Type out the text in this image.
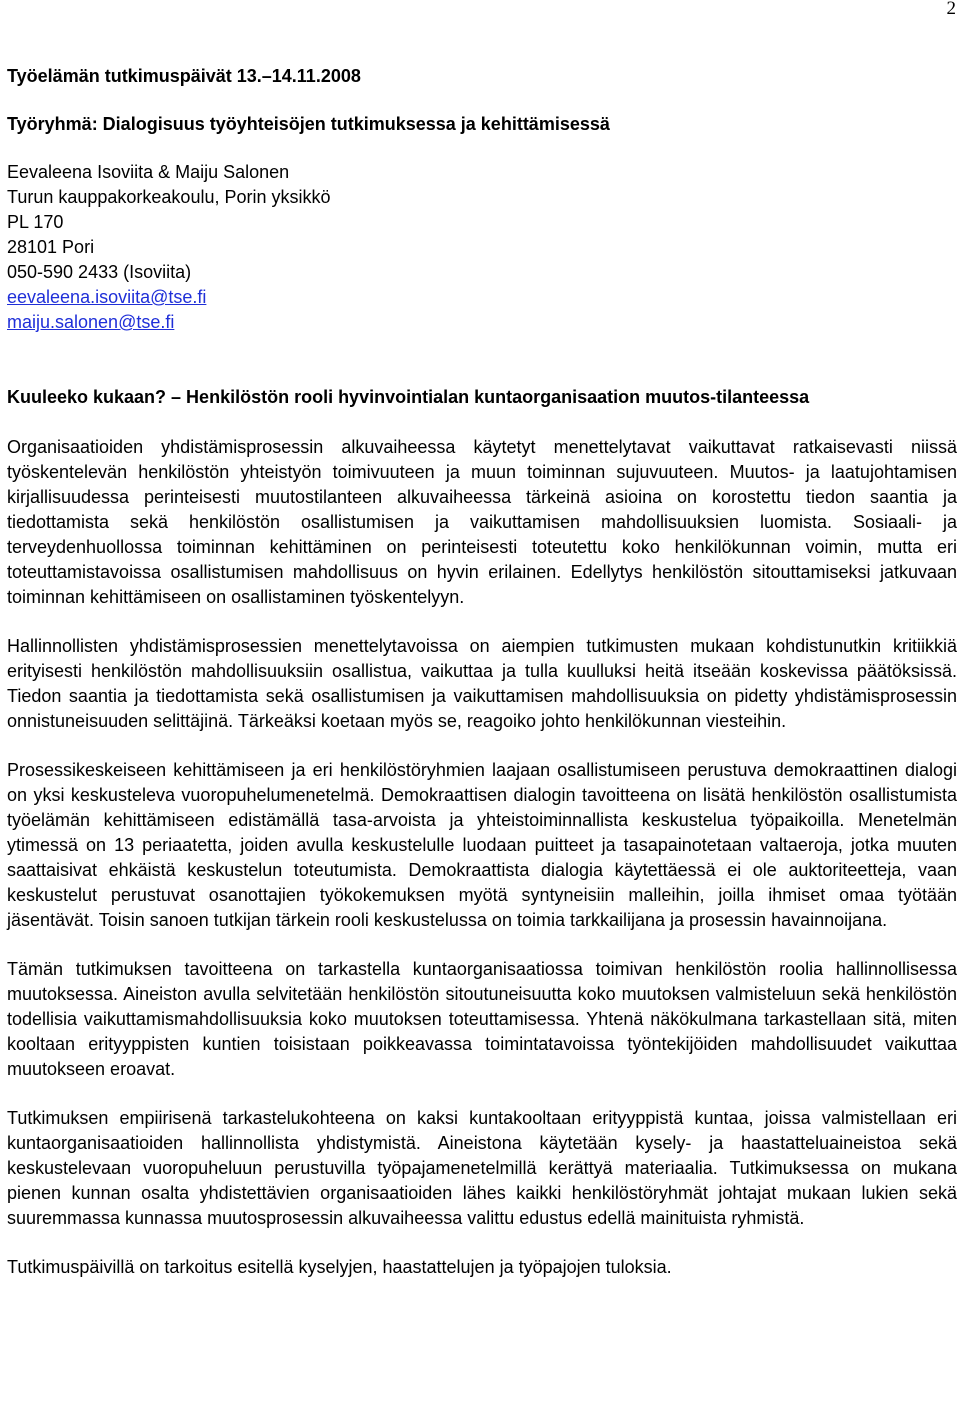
2

Työelämän tutkimuspäivät 13.–14.11.2008

Työryhmä: Dialogisuus työyhteisöjen tutkimuksessa ja kehittämisessä

Eevaleena Isoviita & Maiju Salonen
Turun kauppakorkeakoulu, Porin yksikkö
PL 170
28101 Pori
050-590 2433 (Isoviita)
eevaleena.isoviita@tse.fi
maiju.salonen@tse.fi
Kuuleeko kukaan? – Henkilöstön rooli hyvinvointialan kuntaorganisaation muutos-tilanteessa

Organisaatioiden yhdistämisprosessin alkuvaiheessa käytetyt menettelytavat vaikuttavat ratkaisevasti niissä työskentelevän henkilöstön yhteistyön toimivuuteen ja muun toiminnan sujuvuuteen. Muutos- ja laatujohtamisen kirjallisuudessa perinteisesti muutostilanteen alkuvaiheessa tärkeinä asioina on korostettu tiedon saantia ja tiedottamista sekä henkilöstön osallistumisen ja vaikuttamisen mahdollisuuksien luomista. Sosiaali- ja terveydenhuollossa toiminnan kehittäminen on perinteisesti toteutettu koko henkilökunnan voimin, mutta eri toteuttamistavoissa osallistumisen mahdollisuus on hyvin erilainen. Edellytys henkilöstön sitouttamiseksi jatkuvaan toiminnan kehittämiseen on osallistaminen työskentelyyn.

Hallinnollisten yhdistämisprosessien menettelytavoissa on aiempien tutkimusten mukaan kohdistunutkin kritiikkiä erityisesti henkilöstön mahdollisuuksiin osallistua, vaikuttaa ja tulla kuulluksi heitä itseään koskevissa päätöksissä. Tiedon saantia ja tiedottamista sekä osallistumisen ja vaikuttamisen mahdollisuuksia on pidetty yhdistämisprosessin onnistuneisuuden selittäjinä. Tärkeäksi koetaan myös se, reagoiko johto henkilökunnan viesteihin.

Prosessikeskeiseen kehittämiseen ja eri henkilöstöryhmien laajaan osallistumiseen perustuva demokraattinen dialogi on yksi keskusteleva vuoropuhelumenetelmä. Demokraattisen dialogin tavoitteena on lisätä henkilöstön osallistumista työelämän kehittämiseen edistämällä tasa-arvoista ja yhteistoiminnallista keskustelua työpaikoilla. Menetelmän ytimessä on 13 periaatetta, joiden avulla keskustelulle luodaan puitteet ja tasapainotetaan valtaeroja, jotka muuten saattaisivat ehkäistä keskustelun toteutumista. Demokraattista dialogia käytettäessä ei ole auktoriteetteja, vaan keskustelut perustuvat osanottajien työkokemuksen myötä syntyneisiin malleihin, joilla ihmiset omaa työtään jäsentävät. Toisin sanoen tutkijan tärkein rooli keskustelussa on toimia tarkkailijana ja prosessin havainnoijana.

Tämän tutkimuksen tavoitteena on tarkastella kuntaorganisaatiossa toimivan henkilöstön roolia hallinnollisessa muutoksessa. Aineiston avulla selvitetään henkilöstön sitoutuneisuutta koko muutoksen valmisteluun sekä henkilöstön todellisia vaikuttamismahdollisuuksia koko muutoksen toteuttamisessa. Yhtenä näkökulmana tarkastellaan sitä, miten kooltaan erityyppisten kuntien toisistaan poikkeavassa toimintatavoissa työntekijöiden mahdollisuudet vaikuttaa muutokseen eroavat.

Tutkimuksen empiirisenä tarkastelukohteena on kaksi kuntakooltaan erityyppistä kuntaa, joissa valmistellaan eri kuntaorganisaatioiden hallinnollista yhdistymistä. Aineistona käytetään kysely- ja haastatteluaineistoa sekä keskustelevaan vuoropuheluun perustuvilla työpajamenetelmillä kerättyä materiaalia. Tutkimuksessa on mukana pienen kunnan osalta yhdistettävien organisaatioiden lähes kaikki henkilöstöryhmät johtajat mukaan lukien sekä suuremmassa kunnassa muutosprosessin alkuvaiheessa valittu edustus edellä mainituista ryhmistä.

Tutkimuspäivillä on tarkoitus esitellä kyselyjen, haastattelujen ja työpajojen tuloksia.
